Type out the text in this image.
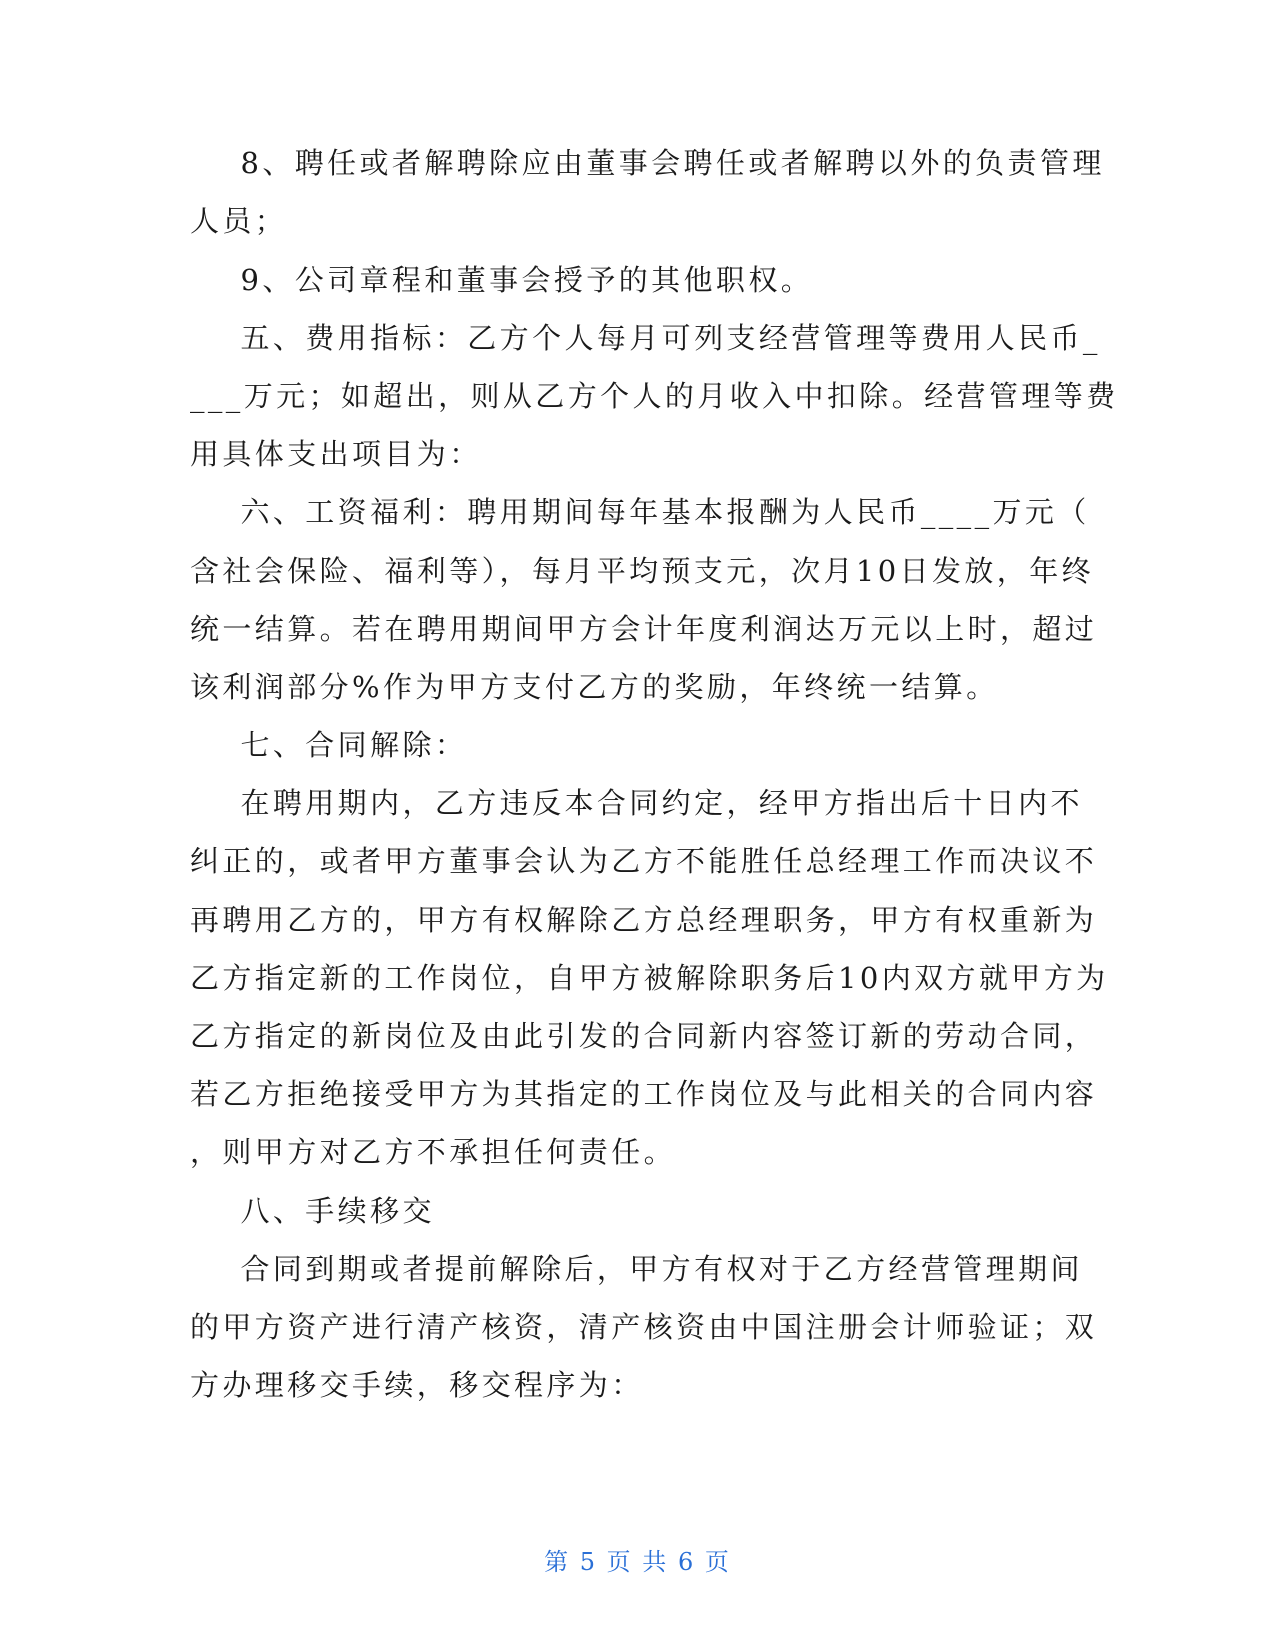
8、聘任或者解聘除应由董事会聘任或者解聘以外的负责管理
人员；
9、公司章程和董事会授予的其他职权。
五、费用指标：乙方个人每月可列支经营管理等费用人民币_
___万元；如超出，则从乙方个人的月收入中扣除。经营管理等费
用具体支出项目为：
六、工资福利：聘用期间每年基本报酬为人民币____万元（
含社会保险、福利等），每月平均预支元，次月10日发放，年终
统一结算。若在聘用期间甲方会计年度利润达万元以上时，超过
该利润部分%作为甲方支付乙方的奖励，年终统一结算。
七、合同解除：
在聘用期内，乙方违反本合同约定，经甲方指出后十日内不
纠正的，或者甲方董事会认为乙方不能胜任总经理工作而决议不
再聘用乙方的，甲方有权解除乙方总经理职务，甲方有权重新为
乙方指定新的工作岗位，自甲方被解除职务后10内双方就甲方为
乙方指定的新岗位及由此引发的合同新内容签订新的劳动合同，
若乙方拒绝接受甲方为其指定的工作岗位及与此相关的合同内容
，则甲方对乙方不承担任何责任。
八、手续移交
合同到期或者提前解除后，甲方有权对于乙方经营管理期间
的甲方资产进行清产核资，清产核资由中国注册会计师验证；双
方办理移交手续，移交程序为：
第 5 页 共 6 页
